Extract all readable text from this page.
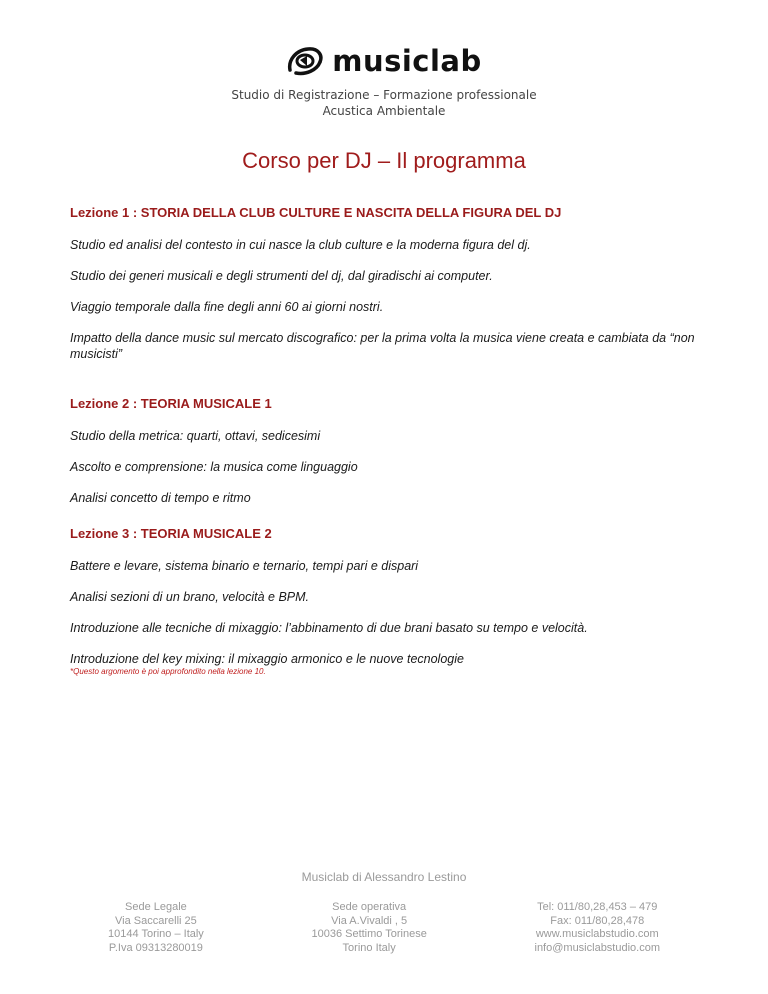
musiclab
Studio di Registrazione – Formazione professionale
Acustica Ambientale
Corso per DJ – Il programma
Lezione 1 : STORIA DELLA CLUB CULTURE E NASCITA DELLA FIGURA DEL DJ
Studio ed analisi del contesto in cui nasce la club culture e la moderna figura del dj.
Studio dei generi musicali e degli strumenti del dj, dal giradischi ai computer.
Viaggio temporale dalla fine degli anni 60 ai giorni nostri.
Impatto della dance music sul mercato discografico: per la prima volta la musica viene creata e cambiata da “non musicisti”
Lezione 2 : TEORIA MUSICALE 1
Studio della metrica: quarti, ottavi, sedicesimi
Ascolto e comprensione: la musica come linguaggio
Analisi concetto di tempo e ritmo
Lezione 3 : TEORIA MUSICALE 2
Battere e levare, sistema binario e ternario, tempi pari e dispari
Analisi sezioni di un brano, velocità e BPM.
Introduzione alle tecniche di mixaggio: l’abbinamento di due brani basato su tempo e velocità.
Introduzione del key mixing: il mixaggio armonico e le nuove tecnologie
*Questo argomento è poi approfondito nella lezione 10.
Musiclab di Alessandro Lestino
Sede Legale
Via Saccarelli 25
10144 Torino – Italy
P.Iva 09313280019
Sede operativa
Via A.Vivaldi , 5
10036 Settimo Torinese
Torino Italy
Tel: 011/80,28,453 – 479
Fax: 011/80,28,478
www.musiclabstudio.com
info@musiclabstudio.com
